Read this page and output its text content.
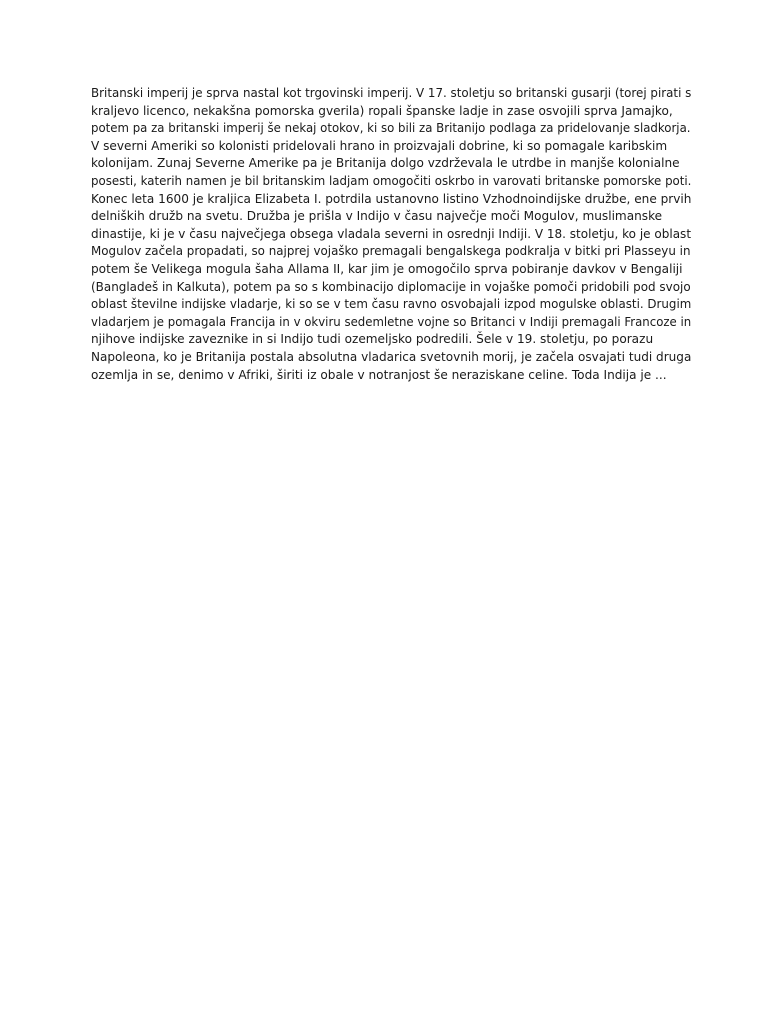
Britanski imperij je sprva nastal kot trgovinski imperij. V 17. stoletju so britanski gusarji (torej pirati s
kraljevo licenco, nekakšna pomorska gverila) ropali španske ladje in zase osvojili sprva Jamajko,
potem pa za britanski imperij še nekaj otokov, ki so bili za Britanijo podlaga za pridelovanje sladkorja.
V severni Ameriki so kolonisti pridelovali hrano in proizvajali dobrine, ki so pomagale karibskim
kolonijam. Zunaj Severne Amerike pa je Britanija dolgo vzdrževala le utrdbe in manjše kolonialne
posesti, katerih namen je bil britanskim ladjam omogočiti oskrbo in varovati britanske pomorske poti.
Konec leta 1600 je kraljica Elizabeta I. potrdila ustanovno listino Vzhodnoindijske družbe, ene prvih
delniških družb na svetu. Družba je prišla v Indijo v času največje moči Mogulov, muslimanske
dinastije, ki je v času največjega obsega vladala severni in osrednji Indiji. V 18. stoletju, ko je oblast
Mogulov začela propadati, so najprej vojaško premagali bengalskega podkralja v bitki pri Plasseyu in
potem še Velikega mogula šaha Allama II, kar jim je omogočilo sprva pobiranje davkov v Bengaliji
(Bangladeš in Kalkuta), potem pa so s kombinacijo diplomacije in vojaške pomoči pridobili pod svojo
oblast številne indijske vladarje, ki so se v tem času ravno osvobajali izpod mogulske oblasti. Drugim
vladarjem je pomagala Francija in v okviru sedemletne vojne so Britanci v Indiji premagali Francoze in
njihove indijske zaveznike in si Indijo tudi ozemeljsko podredili. Šele v 19. stoletju, po porazu
Napoleona, ko je Britanija postala absolutna vladarica svetovnih morij, je začela osvajati tudi druga
ozemlja in se, denimo v Afriki, širiti iz obale v notranjost še neraziskane celine. Toda Indija je ...
